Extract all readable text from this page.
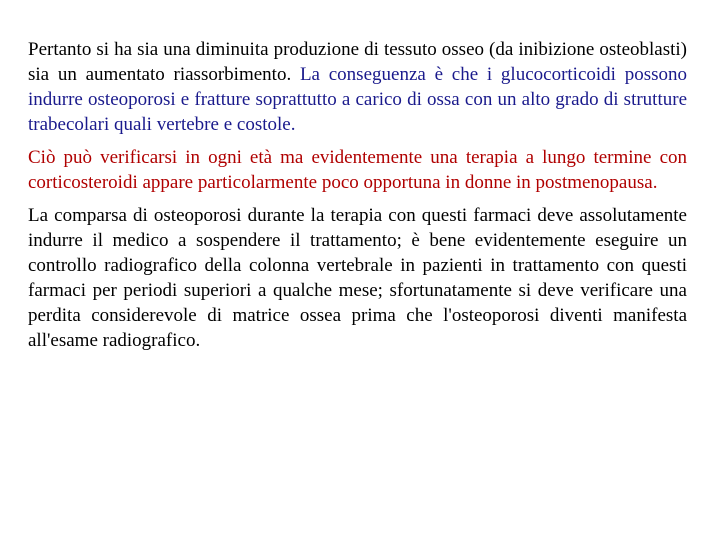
Pertanto si ha sia una diminuita produzione di tessuto osseo (da inibizione osteoblasti) sia un aumentato riassorbimento. La conseguenza è che i glucocorticoidi possono indurre osteoporosi e fratture soprattutto a carico di ossa con un alto grado di strutture trabecolari quali vertebre e costole.

Ciò può verificarsi in ogni età ma evidentemente una terapia a lungo termine con corticosteroidi appare particolarmente poco opportuna in donne in postmenopausa.

La comparsa di osteoporosi durante la terapia con questi farmaci deve assolutamente indurre il medico a sospendere il trattamento; è bene evidentemente eseguire un controllo radiografico della colonna vertebrale in pazienti in trattamento con questi farmaci per periodi superiori a qualche mese; sfortunatamente si deve verificare una perdita considerevole di matrice ossea prima che l'osteoporosi diventi manifesta all'esame radiografico.
